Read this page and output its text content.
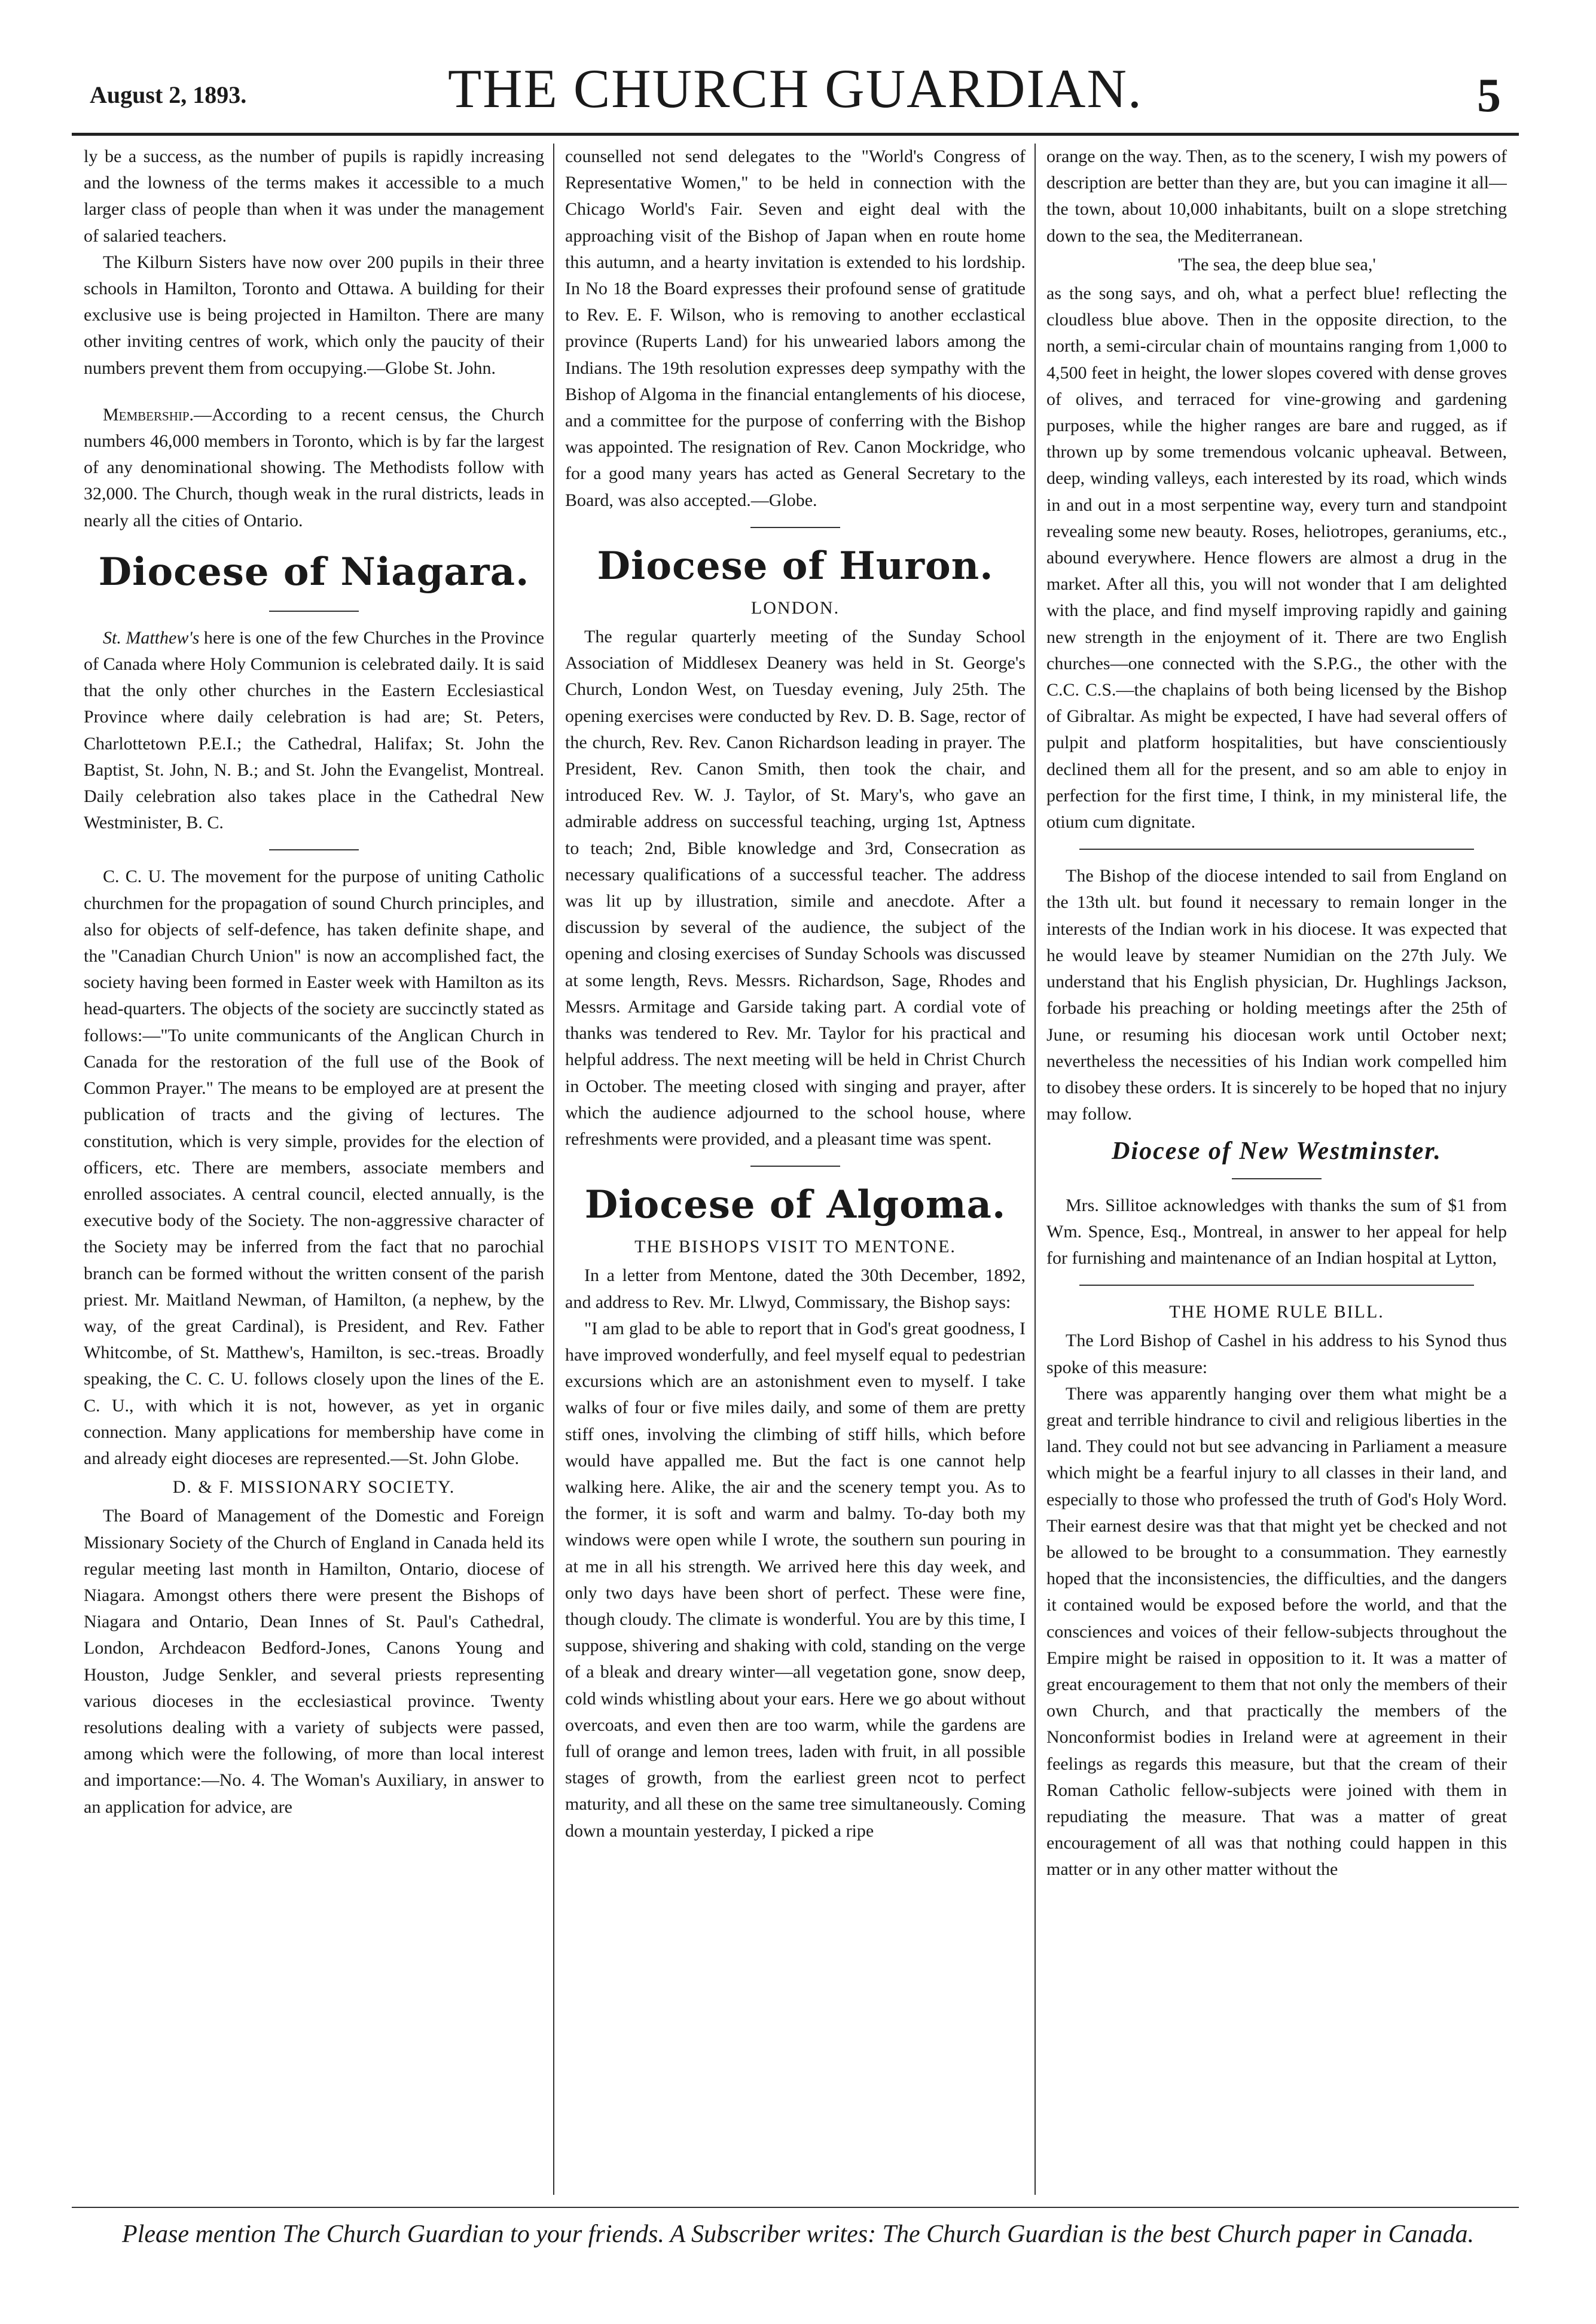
August 2, 1893.	THE CHURCH GUARDIAN.	5

ly be a success, as the number of pupils is rapidly increasing and the lowness of the terms makes it accessible to a much larger class of people than when it was under the management of salaried teachers.

The Kilburn Sisters have now over 200 pupils in their three schools in Hamilton, Toronto and Ottawa. A building for their exclusive use is being projected in Hamilton. There are many other inviting centres of work, which only the paucity of their numbers prevent them from occupying.—Globe St. John.

Membership.—According to a recent census, the Church numbers 46,000 members in Toronto, which is by far the largest of any denominational showing. The Methodists follow with 32,000. The Church, though weak in the rural districts, leads in nearly all the cities of Ontario.

Diocese of Niagara.

St. Matthew's here is one of the few Churches in the Province of Canada where Holy Communion is celebrated daily. It is said that the only other churches in the Eastern Ecclesiastical Province where daily celebration is had are; St. Peters, Charlottetown P.E.I.; the Cathedral, Halifax; St. John the Baptist, St. John, N. B.; and St. John the Evangelist, Montreal. Daily celebration also takes place in the Cathedral New Westminister, B. C.

C. C. U. The movement for the purpose of uniting Catholic churchmen for the propagation of sound Church principles, and also for objects of self-defence, has taken definite shape, and the "Canadian Church Union" is now an accomplished fact, the society having been formed in Easter week with Hamilton as its head-quarters. The objects of the society are succinctly stated as follows:—"To unite communicants of the Anglican Church in Canada for the restoration of the full use of the Book of Common Prayer." The means to be employed are at present the publication of tracts and the giving of lectures. The constitution, which is very simple, provides for the election of officers, etc. There are members, associate members and enrolled associates. A central council, elected annually, is the executive body of the Society. The non-aggressive character of the Society may be inferred from the fact that no parochial branch can be formed without the written consent of the parish priest. Mr. Maitland Newman, of Hamilton, (a nephew, by the way, of the great Cardinal), is President, and Rev. Father Whitcombe, of St. Matthew's, Hamilton, is sec.-treas. Broadly speaking, the C. C. U. follows closely upon the lines of the E. C. U., with which it is not, however, as yet in organic connection. Many applications for membership have come in and already eight dioceses are represented.—St. John Globe.

D. & F. MISSIONARY SOCIETY.

The Board of Management of the Domestic and Foreign Missionary Society of the Church of England in Canada held its regular meeting last month in Hamilton, Ontario, diocese of Niagara. Amongst others there were present the Bishops of Niagara and Ontario, Dean Innes of St. Paul's Cathedral, London, Archdeacon Bedford-Jones, Canons Young and Houston, Judge Senkler, and several priests representing various dioceses in the ecclesiastical province. Twenty resolutions dealing with a variety of subjects were passed, among which were the following, of more than local interest and importance:—No. 4. The Woman's Auxiliary, in answer to an application for advice, are

counselled not send delegates to the "World's Congress of Representative Women," to be held in connection with the Chicago World's Fair. Seven and eight deal with the approaching visit of the Bishop of Japan when en route home this autumn, and a hearty invitation is extended to his lordship. In No 18 the Board expresses their profound sense of gratitude to Rev. E. F. Wilson, who is removing to another ecclastical province (Ruperts Land) for his unwearied labors among the Indians. The 19th resolution expresses deep sympathy with the Bishop of Algoma in the financial entanglements of his diocese, and a committee for the purpose of conferring with the Bishop was appointed. The resignation of Rev. Canon Mockridge, who for a good many years has acted as General Secretary to the Board, was also accepted.—Globe.

Diocese of Huron.
LONDON.

The regular quarterly meeting of the Sunday School Association of Middlesex Deanery was held in St. George's Church, London West, on Tuesday evening, July 25th. The opening exercises were conducted by Rev. D. B. Sage, rector of the church, Rev. Rev. Canon Richardson leading in prayer. The President, Rev. Canon Smith, then took the chair, and introduced Rev. W. J. Taylor, of St. Mary's, who gave an admirable address on successful teaching, urging 1st, Aptness to teach; 2nd, Bible knowledge and 3rd, Consecration as necessary qualifications of a successful teacher. The address was lit up by illustration, simile and anecdote. After a discussion by several of the audience, the subject of the opening and closing exercises of Sunday Schools was discussed at some length, Revs. Messrs. Richardson, Sage, Rhodes and Messrs. Armitage and Garside taking part. A cordial vote of thanks was tendered to Rev. Mr. Taylor for his practical and helpful address. The next meeting will be held in Christ Church in October. The meeting closed with singing and prayer, after which the audience adjourned to the school house, where refreshments were provided, and a pleasant time was spent.

Diocese of Algoma.
THE BISHOPS VISIT TO MENTONE.

In a letter from Mentone, dated the 30th December, 1892, and address to Rev. Mr. Llwyd, Commissary, the Bishop says:

"I am glad to be able to report that in God's great goodness, I have improved wonderfully, and feel myself equal to pedestrian excursions which are an astonishment even to myself. I take walks of four or five miles daily, and some of them are pretty stiff ones, involving the climbing of stiff hills, which before would have appalled me. But the fact is one cannot help walking here. Alike, the air and the scenery tempt you. As to the former, it is soft and warm and balmy. To-day both my windows were open while I wrote, the southern sun pouring in at me in all his strength. We arrived here this day week, and only two days have been short of perfect. These were fine, though cloudy. The climate is wonderful. You are by this time, I suppose, shivering and shaking with cold, standing on the verge of a bleak and dreary winter—all vegetation gone, snow deep, cold winds whistling about your ears. Here we go about without overcoats, and even then are too warm, while the gardens are full of orange and lemon trees, laden with fruit, in all possible stages of growth, from the earliest green ncot to perfect maturity, and all these on the same tree simultaneously. Coming down a mountain yesterday, I picked a ripe

orange on the way. Then, as to the scenery, I wish my powers of description are better than they are, but you can imagine it all—the town, about 10,000 inhabitants, built on a slope stretching down to the sea, the Mediterranean.

'The sea, the deep blue sea,'

as the song says, and oh, what a perfect blue! reflecting the cloudless blue above. Then in the opposite direction, to the north, a semi-circular chain of mountains ranging from 1,000 to 4,500 feet in height, the lower slopes covered with dense groves of olives, and terraced for vine-growing and gardening purposes, while the higher ranges are bare and rugged, as if thrown up by some tremendous volcanic upheaval. Between, deep, winding valleys, each interested by its road, which winds in and out in a most serpentine way, every turn and standpoint revealing some new beauty. Roses, heliotropes, geraniums, etc., abound everywhere. Hence flowers are almost a drug in the market. After all this, you will not wonder that I am delighted with the place, and find myself improving rapidly and gaining new strength in the enjoyment of it. There are two English churches—one connected with the S.P.G., the other with the C.C. C.S.—the chaplains of both being licensed by the Bishop of Gibraltar. As might be expected, I have had several offers of pulpit and platform hospitalities, but have conscientiously declined them all for the present, and so am able to enjoy in perfection for the first time, I think, in my ministeral life, the otium cum dignitate.

The Bishop of the diocese intended to sail from England on the 13th ult. but found it necessary to remain longer in the interests of the Indian work in his diocese. It was expected that he would leave by steamer Numidian on the 27th July. We understand that his English physician, Dr. Hughlings Jackson, forbade his preaching or holding meetings after the 25th of June, or resuming his diocesan work until October next; nevertheless the necessities of his Indian work compelled him to disobey these orders. It is sincerely to be hoped that no injury may follow.

Diocese of New Westminster.

Mrs. Sillitoe acknowledges with thanks the sum of $1 from Wm. Spence, Esq., Montreal, in answer to her appeal for help for furnishing and maintenance of an Indian hospital at Lytton,

THE HOME RULE BILL.

The Lord Bishop of Cashel in his address to his Synod thus spoke of this measure:

There was apparently hanging over them what might be a great and terrible hindrance to civil and religious liberties in the land. They could not but see advancing in Parliament a measure which might be a fearful injury to all classes in their land, and especially to those who professed the truth of God's Holy Word. Their earnest desire was that that might yet be checked and not be allowed to be brought to a consummation. They earnestly hoped that the inconsistencies, the difficulties, and the dangers it contained would be exposed before the world, and that the consciences and voices of their fellow-subjects throughout the Empire might be raised in opposition to it. It was a matter of great encouragement to them that not only the members of their own Church, and that practically the members of the Nonconformist bodies in Ireland were at agreement in their feelings as regards this measure, but that the cream of their Roman Catholic fellow-subjects were joined with them in repudiating the measure. That was a matter of great encouragement of all was that nothing could happen in this matter or in any other matter without the

Please mention The Church Guardian to your friends. A Subscriber writes: The Church Guardian is the best Church paper in Canada.
